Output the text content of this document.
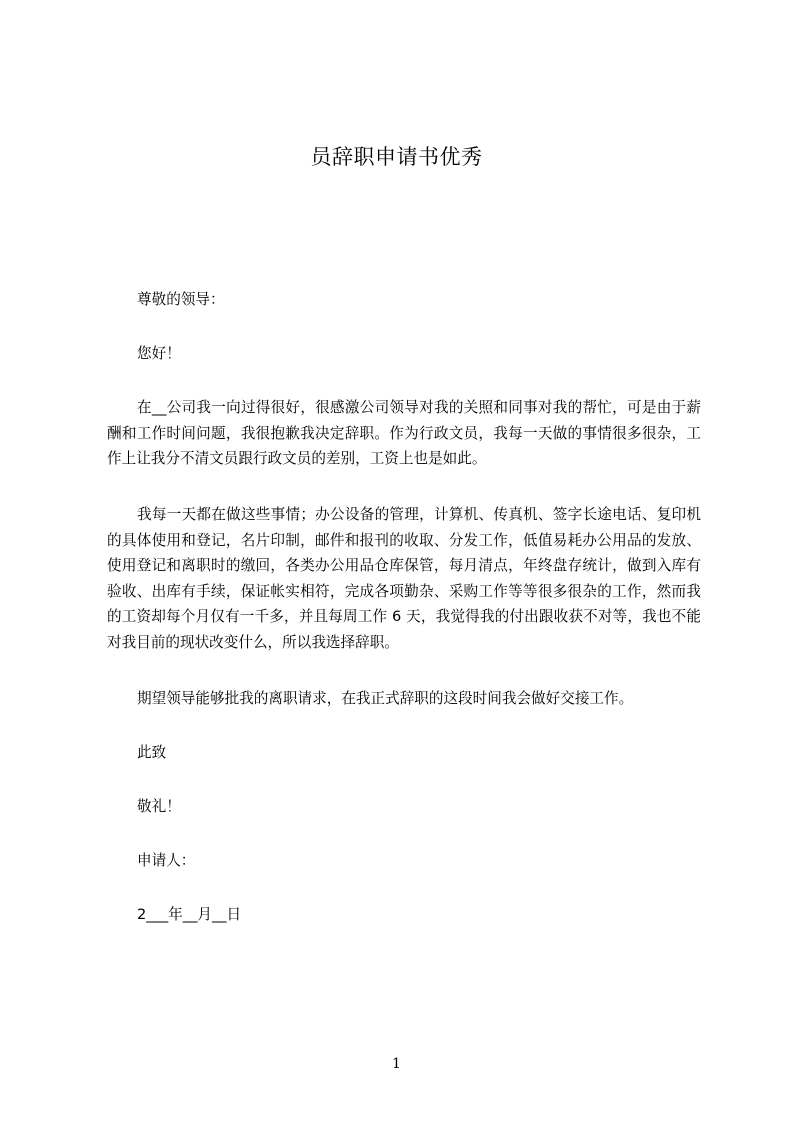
员辞职申请书优秀

尊敬的领导：

您好！

在__公司我一向过得很好，很感激公司领导对我的关照和同事对我的帮忙，可是由于薪酬和工作时间问题，我很抱歉我决定辞职。作为行政文员，我每一天做的事情很多很杂，工作上让我分不清文员跟行政文员的差别，工资上也是如此。

我每一天都在做这些事情；办公设备的管理，计算机、传真机、签字长途电话、复印机的具体使用和登记，名片印制，邮件和报刊的收取、分发工作，低值易耗办公用品的发放、使用登记和离职时的缴回，各类办公用品仓库保管，每月清点，年终盘存统计，做到入库有验收、出库有手续，保证帐实相符，完成各项勤杂、采购工作等等很多很杂的工作，然而我的工资却每个月仅有一千多，并且每周工作 6 天，我觉得我的付出跟收获不对等，我也不能对我目前的现状改变什么，所以我选择辞职。

期望领导能够批我的离职请求，在我正式辞职的这段时间我会做好交接工作。

此致

敬礼！

申请人：

2___年__月__日

1
